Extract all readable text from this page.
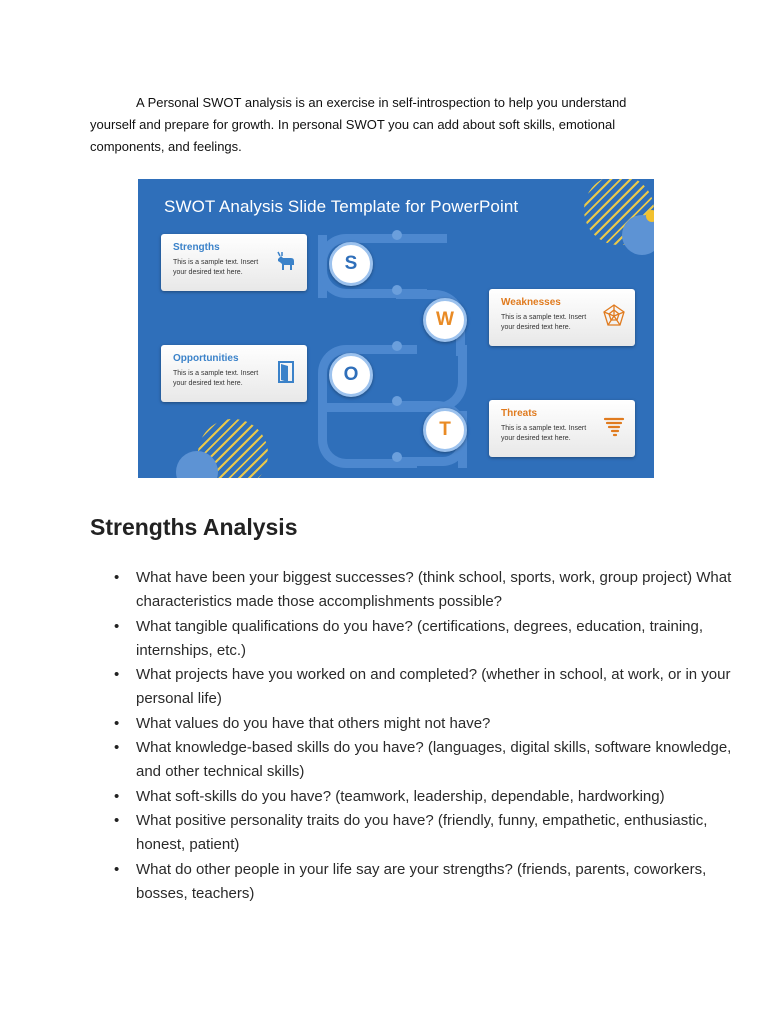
A Personal SWOT analysis is an exercise in self-introspection to help you understand yourself and prepare for growth. In personal SWOT you can add about soft skills, emotional components, and feelings.

SWOT Analysis Slide Template for PowerPoint
S
W
O
T
Strengths
This is a sample text. Insert your desired text here.
Weaknesses
This is a sample text. Insert your desired text here.
Opportunities
This is a sample text. Insert your desired text here.
Threats
This is a sample text. Insert your desired text here.
Strengths Analysis
• What have been your biggest successes? (think school, sports, work, group project) What characteristics made those accomplishments possible?
• What tangible qualifications do you have? (certifications, degrees, education, training, internships, etc.)
• What projects have you worked on and completed? (whether in school, at work, or in your personal life)
• What values do you have that others might not have?
• What knowledge-based skills do you have? (languages, digital skills, software knowledge, and other technical skills)
• What soft-skills do you have? (teamwork, leadership, dependable, hardworking)
• What positive personality traits do you have? (friendly, funny, empathetic, enthusiastic, honest, patient)
• What do other people in your life say are your strengths? (friends, parents, coworkers, bosses, teachers)
